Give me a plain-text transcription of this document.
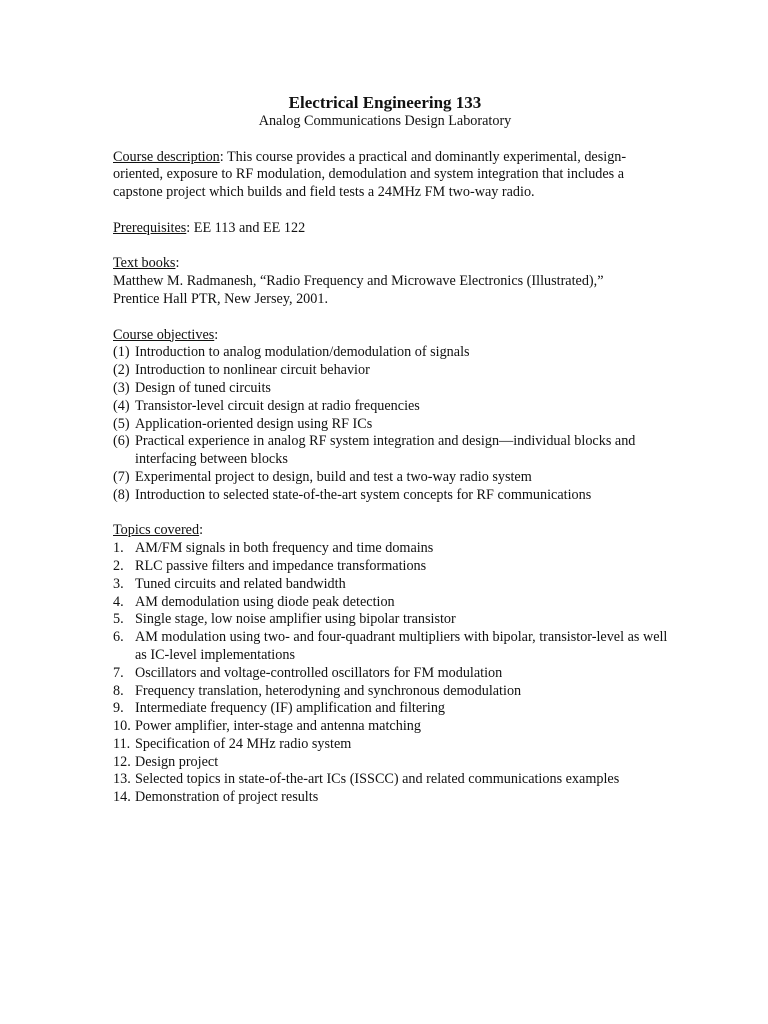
Electrical Engineering 133

Analog Communications Design Laboratory

Course description: This course provides a practical and dominantly experimental, design-oriented, exposure to RF modulation, demodulation and system integration that includes a capstone project which builds and field tests a 24MHz FM two-way radio.

Prerequisites: EE 113 and EE 122

Text books:

Matthew M. Radmanesh, “Radio Frequency and Microwave Electronics (Illustrated),”

Prentice Hall PTR, New Jersey, 2001.

Course objectives:

(1) Introduction to analog modulation/demodulation of signals
(2) Introduction to nonlinear circuit behavior
(3) Design of tuned circuits
(4) Transistor-level circuit design at radio frequencies
(5) Application-oriented design using RF ICs
(6) Practical experience in analog RF system integration and design—individual blocks and interfacing between blocks
(7) Experimental project to design, build and test a two-way radio system
(8) Introduction to selected state-of-the-art system concepts for RF communications

Topics covered:

1. AM/FM signals in both frequency and time domains
2. RLC passive filters and impedance transformations
3. Tuned circuits and related bandwidth
4. AM demodulation using diode peak detection
5. Single stage, low noise amplifier using bipolar transistor
6. AM modulation using two- and four-quadrant multipliers with bipolar, transistor-level as well as IC-level implementations
7. Oscillators and voltage-controlled oscillators for FM modulation
8. Frequency translation, heterodyning and synchronous demodulation
9. Intermediate frequency (IF) amplification and filtering
10. Power amplifier, inter-stage and antenna matching
11. Specification of 24 MHz radio system
12. Design project
13. Selected topics in state-of-the-art ICs (ISSCC) and related communications examples
14. Demonstration of project results
